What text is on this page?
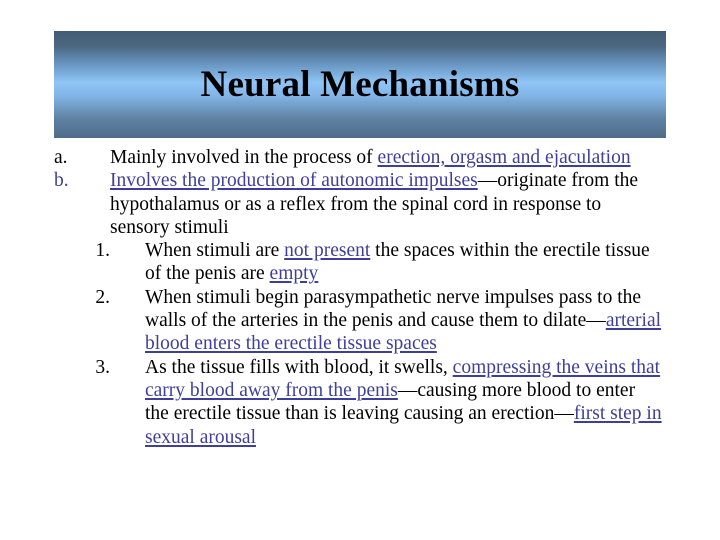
Neural Mechanisms

a.	Mainly involved in the process of erection, orgasm and ejaculation

b.	Involves the production of autonomic impulses—originate from the hypothalamus or as a reflex from the spinal cord in response to sensory stimuli

1. When stimuli are not present the spaces within the erectile tissue of the penis are empty

2. When stimuli begin parasympathetic nerve impulses pass to the walls of the arteries in the penis and cause them to dilate—arterial blood enters the erectile tissue spaces

3. As the tissue fills with blood, it swells, compressing the veins that carry blood away from the penis—causing more blood to enter the erectile tissue than is leaving causing an erection—first step in sexual arousal
